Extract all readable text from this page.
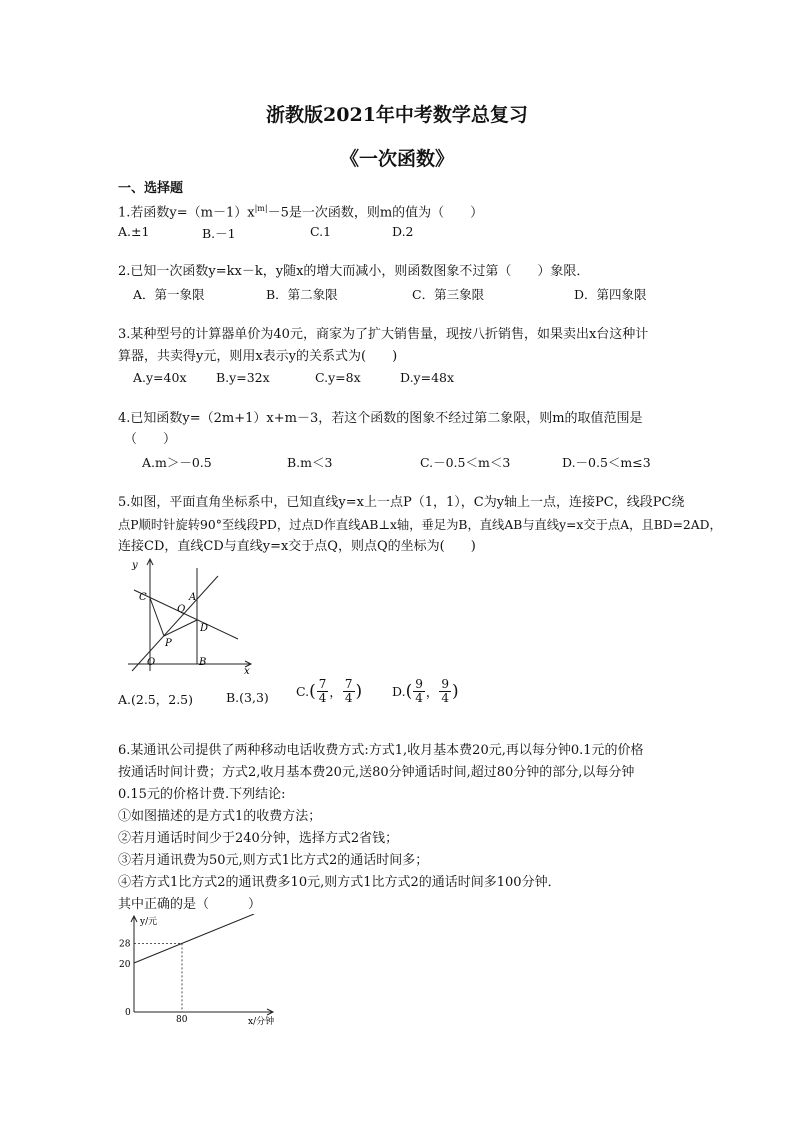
浙教版2021年中考数学总复习
《一次函数》
一、选择题
1.若函数$y=(m-1)x^{|m|}-5$是一次函数，则m的值为（　　）
A.±1	B.－1	C.1	D.2
2.已知一次函数y=kx－k，y随x的增大而减小，则函数图象不过第（　　）象限．
A．第一象限	B．第二象限	C．第三象限	D．第四象限
3.某种型号的计算器单价为40元，商家为了扩大销售量，现按八折销售，如果卖出x台这种计
算器，共卖得y元，则用x表示y的关系式为(　　)
A.y=40x B.y=32x	C.y=8x	D.y=48x
4.已知函数y=（2m+1）x+m－3，若这个函数的图象不经过第二象限，则m的取值范围是
（　　）
A.m＞－0.5	B.m＜3	C.－0.5＜m＜3	D.－0.5＜m≤3
5.如图，平面直角坐标系中，已知直线y=x上一点P（1，1），C为y轴上一点，连接PC，线段PC绕
点P顺时针旋转90°至线段PD，过点D作直线AB⊥x轴，垂足为B，直线AB与直线y=x交于点A，且BD=2AD，
连接CD，直线CD与直线y=x交于点Q，则点Q的坐标为(　　)
y
x
C	A
Q
D
P
O	B
A.(2.5，2.5)	B.(3,3) $C.( \frac{7}{4}$ ， $\frac{7}{4}$ ) $D.( \frac{9}{4}$ ， $\frac{9}{4}$ )
6.某通讯公司提供了两种移动电话收费方式:方式1,收月基本费20元,再以每分钟0.1元的价格
按通话时间计费；方式2,收月基本费20元,送80分钟通话时间,超过80分钟的部分,以每分钟
0.15元的价格计费.下列结论:
①如图描述的是方式1的收费方法；
②若月通话时间少于240分钟，选择方式2省钱；
③若月通讯费为50元,则方式1比方式2的通话时间多；
④若方式1比方式2的通讯费多10元,则方式1比方式2的通话时间多100分钟．
其中正确的是（　　　）
y/元
x/分钟
0
28
20
80
